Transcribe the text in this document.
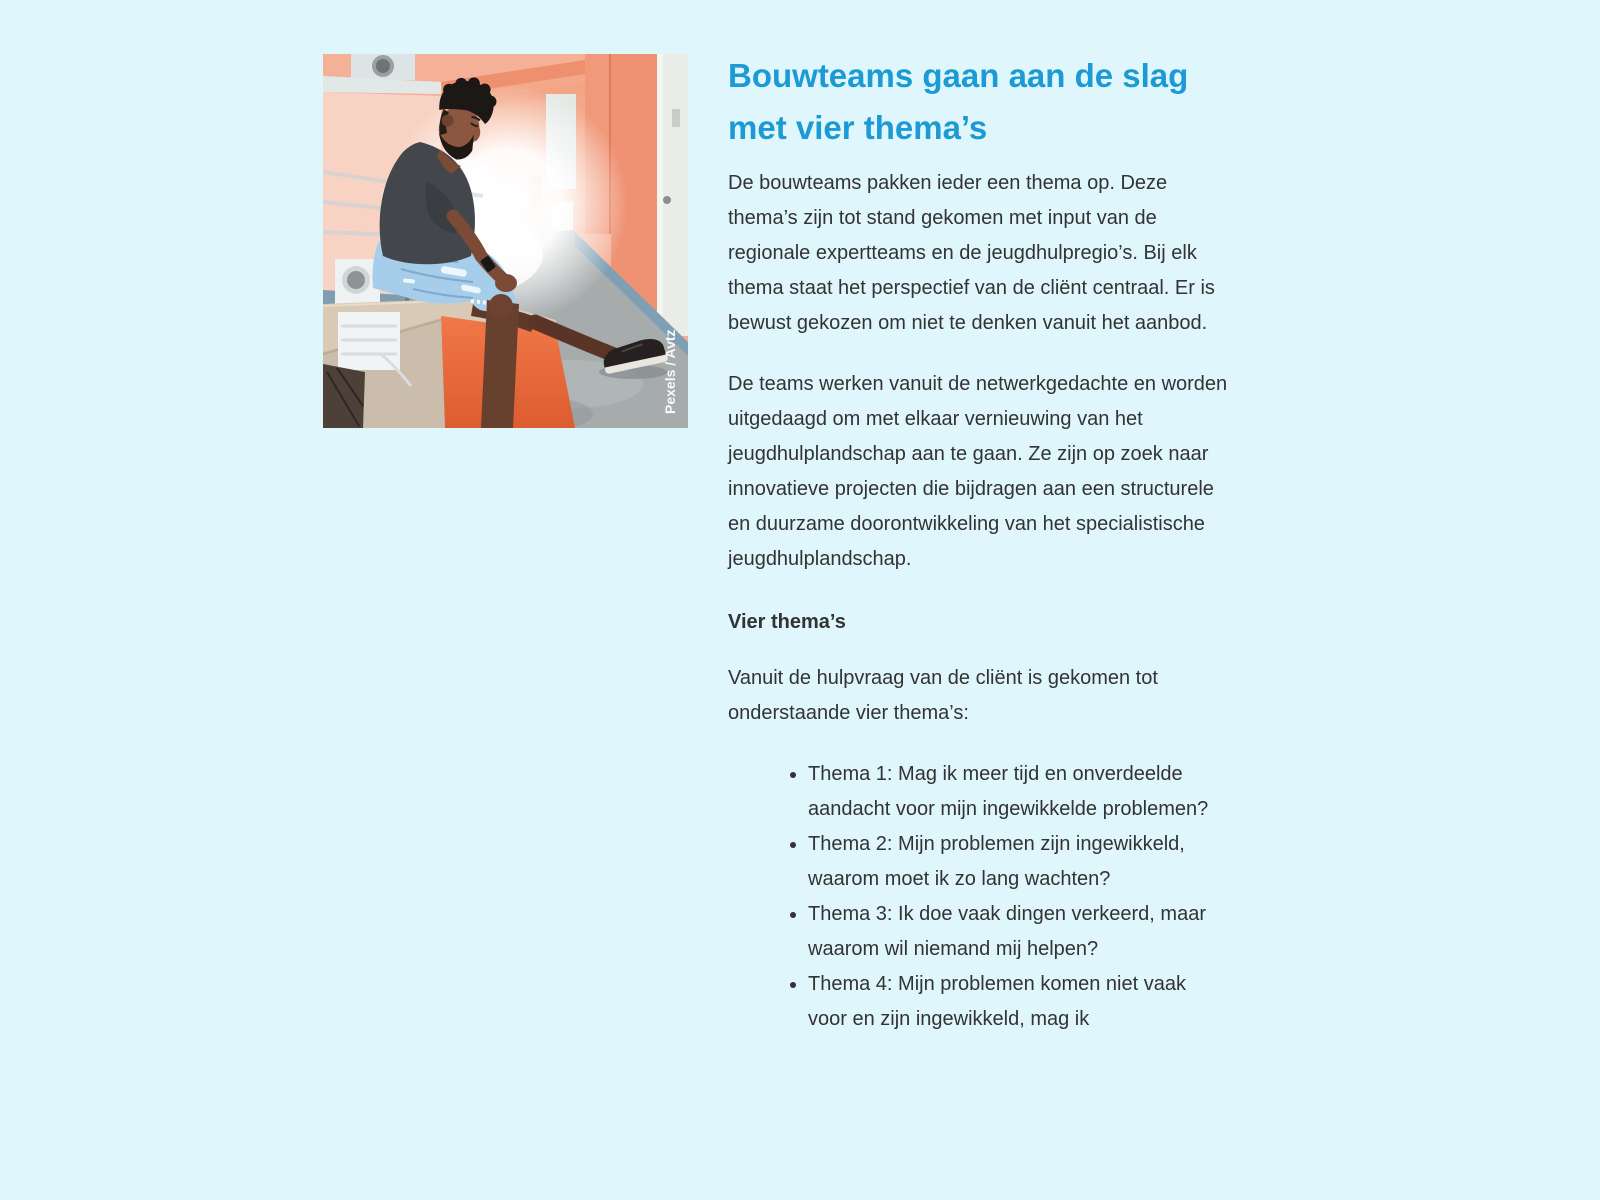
Pexels / Avtz
Bouwteams gaan aan de slag met vier thema’s

De bouwteams pakken ieder een thema op. Deze thema’s zijn tot stand gekomen met input van de regionale expertteams en de jeugdhulpregio’s. Bij elk thema staat het perspectief van de cliënt centraal. Er is bewust gekozen om niet te denken vanuit het aanbod.

De teams werken vanuit de netwerkgedachte en worden uitgedaagd om met elkaar vernieuwing van het jeugdhulplandschap aan te gaan. Ze zijn op zoek naar innovatieve projecten die bijdragen aan een structurele en duurzame doorontwikkeling van het specialistische jeugdhulplandschap.

Vier thema’s

Vanuit de hulpvraag van de cliënt is gekomen tot onderstaande vier thema’s:

• Thema 1: Mag ik meer tijd en onverdeelde aandacht voor mijn ingewikkelde problemen?
• Thema 2: Mijn problemen zijn ingewikkeld, waarom moet ik zo lang wachten?
• Thema 3: Ik doe vaak dingen verkeerd, maar waarom wil niemand mij helpen?
• Thema 4: Mijn problemen komen niet vaak voor en zijn ingewikkeld, mag ik
